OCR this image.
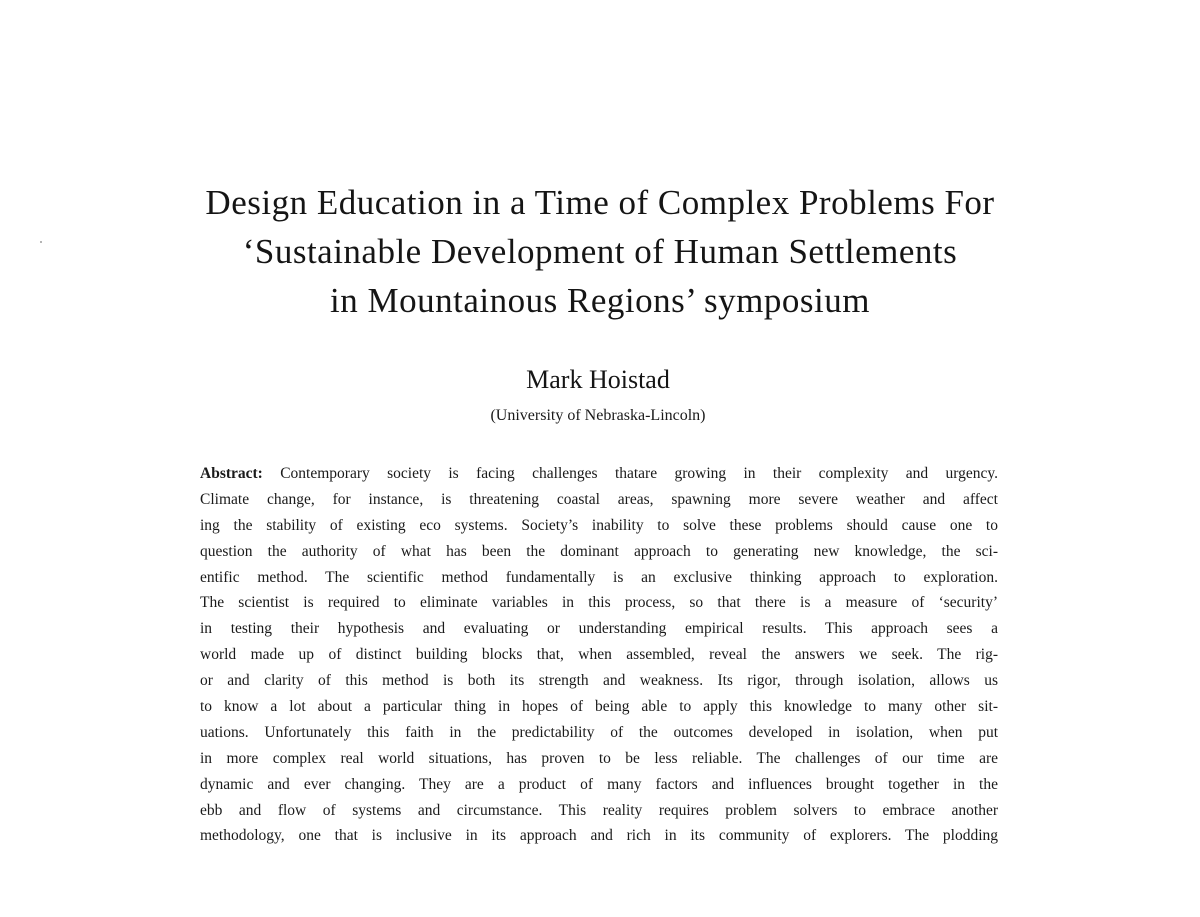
Design Education in a Time of Complex Problems For
‘Sustainable Development of Human Settlements
in Mountainous Regions’ symposium
Mark Hoistad
(University of Nebraska-Lincoln)
Abstract: Contemporary society is facing challenges thatare growing in their complexity and urgency.
Climate change, for instance, is threatening coastal areas, spawning more severe weather and affect
ing the stability of existing eco systems. Society’s inability to solve these problems should cause one to
question the authority of what has been the dominant approach to generating new knowledge, the sci-
entific method. The scientific method fundamentally is an exclusive thinking approach to exploration.
The scientist is required to eliminate variables in this process, so that there is a measure of ‘security’
in testing their hypothesis and evaluating or understanding empirical results. This approach sees a
world made up of distinct building blocks that, when assembled, reveal the answers we seek. The rig-
or and clarity of this method is both its strength and weakness. Its rigor, through isolation, allows us
to know a lot about a particular thing in hopes of being able to apply this knowledge to many other sit-
uations. Unfortunately this faith in the predictability of the outcomes developed in isolation, when put
in more complex real world situations, has proven to be less reliable. The challenges of our time are
dynamic and ever changing. They are a product of many factors and influences brought together in the
ebb and flow of systems and circumstance. This reality requires problem solvers to embrace another
methodology, one that is inclusive in its approach and rich in its community of explorers. The plodding
